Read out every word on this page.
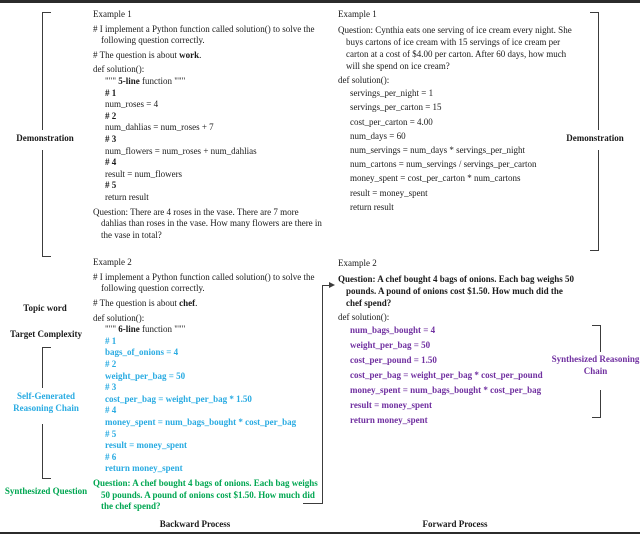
Example 1
# I implement a Python function called solution() to solve the following question correctly.
# The question is about work.
def solution():
""" 5-line function """
# 1
num_roses = 4
# 2
num_dahlias = num_roses + 7
# 3
num_flowers = num_roses + num_dahlias
# 4
result = num_flowers
# 5
return result
Question: There are 4 roses in the vase. There are 7 more dahlias than roses in the vase. How many flowers are there in the vase in total?
Example 2
# I implement a Python function called solution() to solve the following question correctly.
# The question is about chef.
def solution():
""" 6-line function """
# 1
bags_of_onions = 4
# 2
weight_per_bag = 50
# 3
cost_per_bag = weight_per_bag * 1.50
# 4
money_spent = num_bags_bought * cost_per_bag
# 5
result = money_spent
# 6
return money_spent
Question: A chef bought 4 bags of onions. Each bag weighs 50 pounds. A pound of onions cost $1.50. How much did the chef spend?
Example 1
Question: Cynthia eats one serving of ice cream every night. She buys cartons of ice cream with 15 servings of ice cream per carton at a cost of $4.00 per carton. After 60 days, how much will she spend on ice cream?
def solution():
servings_per_night = 1
servings_per_carton = 15
cost_per_carton = 4.00
num_days = 60
num_servings = num_days * servings_per_night
num_cartons = num_servings / servings_per_carton
money_spent = cost_per_carton * num_cartons
result = money_spent
return result
Example 2
Question: A chef bought 4 bags of onions. Each bag weighs 50 pounds. A pound of onions cost $1.50. How much did the chef spend?
def solution():
num_bags_bought = 4
weight_per_bag = 50
cost_per_pound = 1.50
cost_per_bag = weight_per_bag * cost_per_pound
money_spent = num_bags_bought * cost_per_bag
result = money_spent
return money_spent
Demonstration
Topic word
Target Complexity
Self-Generated Reasoning Chain
Synthesized Question
Demonstration
Synthesized Reasoning Chain
Backward Process	Forward Process
